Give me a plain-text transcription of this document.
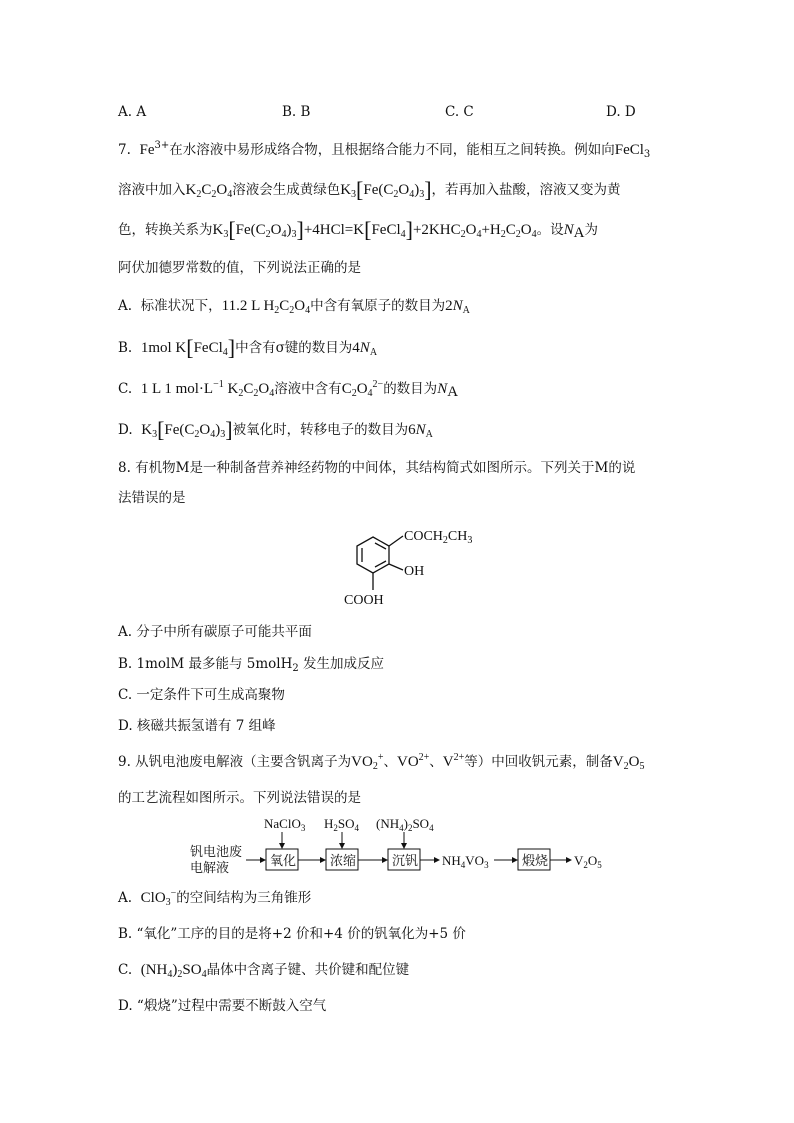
A. A	B. B	C. C	D. D
7. $Fe^{3+}$在水溶液中易形成络合物，且根据络合能力不同，能相互之间转换。例如向FeCl$_3$
溶液中加入$K_2C_2O_4$溶液会生成黄绿色$K_3[Fe(C_2O_4)_3]$，若再加入盐酸，溶液又变为黄
色，转换关系为$K_3[Fe(C_2O_4)_3]+4HCl=K[FeCl_4]+2KHC_2O_4+H_2C_2O_4$。设$N_A$为
阿伏加德罗常数的值，下列说法正确的是
A. 标准状况下，11.2 L $H_2C_2O_4$中含有氧原子的数目为$2N_A$
B. 1mol K[FeCl$_4$]中含有σ键的数目为$4N_A$
C. 1 L 1 $mol\cdot L^{-1}$ $K_2C_2O_4$溶液中含有$C_2O_4^{2-}$的数目为$N_A$
D. $K_3[Fe(C_2O_4)_3]$被氧化时，转移电子的数目为$6N_A$
8. 有机物M是一种制备营养神经药物的中间体，其结构简式如图所示。下列关于M的说
法错误的是
$COCH_2CH_3$
OH
COOH
A. 分子中所有碳原子可能共平面
B. 1molM 最多能与 5molH$_2$ 发生加成反应
C. 一定条件下可生成高聚物
D. 核磁共振氢谱有 7 组峰
9. 从钒电池废电解液（主要含钒离子为$VO_2^+$、$VO^{2+}$、$V^{2+}$等）中回收钒元素，制备$V_2O_5$
的工艺流程如图所示。下列说法错误的是
钒电池废
电解液
NaClO$_3$ $H_2SO_4$ $(NH_4)_2SO_4$
氧化	浓缩	沉钒 $NH_4VO_3$	煅烧 $V_2O_5$
A. ClO$_3$−的空间结构为三角锥形
B. “氧化”工序的目的是将+2 价和+4 价的钒氧化为+5 价
C. $(NH_4)_2SO_4$晶体中含离子键、共价键和配位键
D. “煅烧”过程中需要不断鼓入空气
